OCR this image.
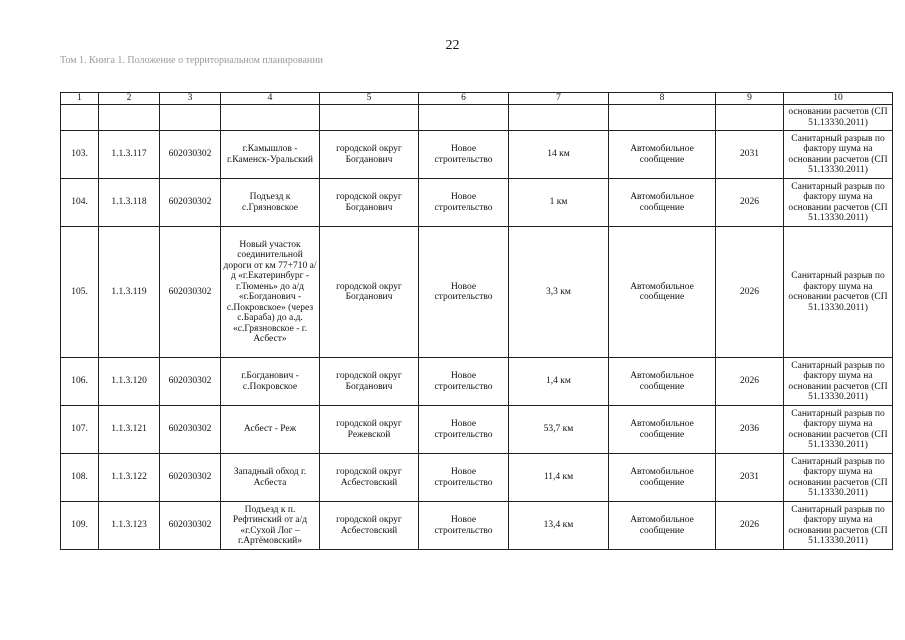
22
Том 1. Книга 1. Положение о территориальном планировании
1	2	3	4	5	6	7	8	9	10
									основании расчетов (СП 51.13330.2011)
103.	1.1.3.117	602030302	г.Камышлов - г.Каменск-Уральский	городской округ Богданович	Новое строительство	14 км	Автомобильное сообщение	2031	Санитарный разрыв по фактору шума на основании расчетов (СП 51.13330.2011)
104.	1.1.3.118	602030302	Подъезд к с.Грязновское	городской округ Богданович	Новое строительство	1 км	Автомобильное сообщение	2026	Санитарный разрыв по фактору шума на основании расчетов (СП 51.13330.2011)
105.	1.1.3.119	602030302	Новый участок соединительной дороги от км 77+710 а/д «г.Екатеринбург - г.Тюмень» до а/д «г.Богданович - с.Покровское» (через с.Бараба) до а.д. «с.Грязновское - г. Асбест»	городской округ Богданович	Новое строительство	3,3 км	Автомобильное сообщение	2026	Санитарный разрыв по фактору шума на основании расчетов (СП 51.13330.2011)
106.	1.1.3.120	602030302	г.Богданович - с.Покровское	городской округ Богданович	Новое строительство	1,4 км	Автомобильное сообщение	2026	Санитарный разрыв по фактору шума на основании расчетов (СП 51.13330.2011)
107.	1.1.3.121	602030302	Асбест - Реж	городской округ Режевской	Новое строительство	53,7 км	Автомобильное сообщение	2036	Санитарный разрыв по фактору шума на основании расчетов (СП 51.13330.2011)
108.	1.1.3.122	602030302	Западный обход г. Асбеста	городской округ Асбестовский	Новое строительство	11,4 км	Автомобильное сообщение	2031	Санитарный разрыв по фактору шума на основании расчетов (СП 51.13330.2011)
109.	1.1.3.123	602030302	Подъезд к п. Рефтинский от а/д «г.Сухой Лог – г.Артёмовский»	городской округ Асбестовский	Новое строительство	13,4 км	Автомобильное сообщение	2026	Санитарный разрыв по фактору шума на основании расчетов (СП 51.13330.2011)
